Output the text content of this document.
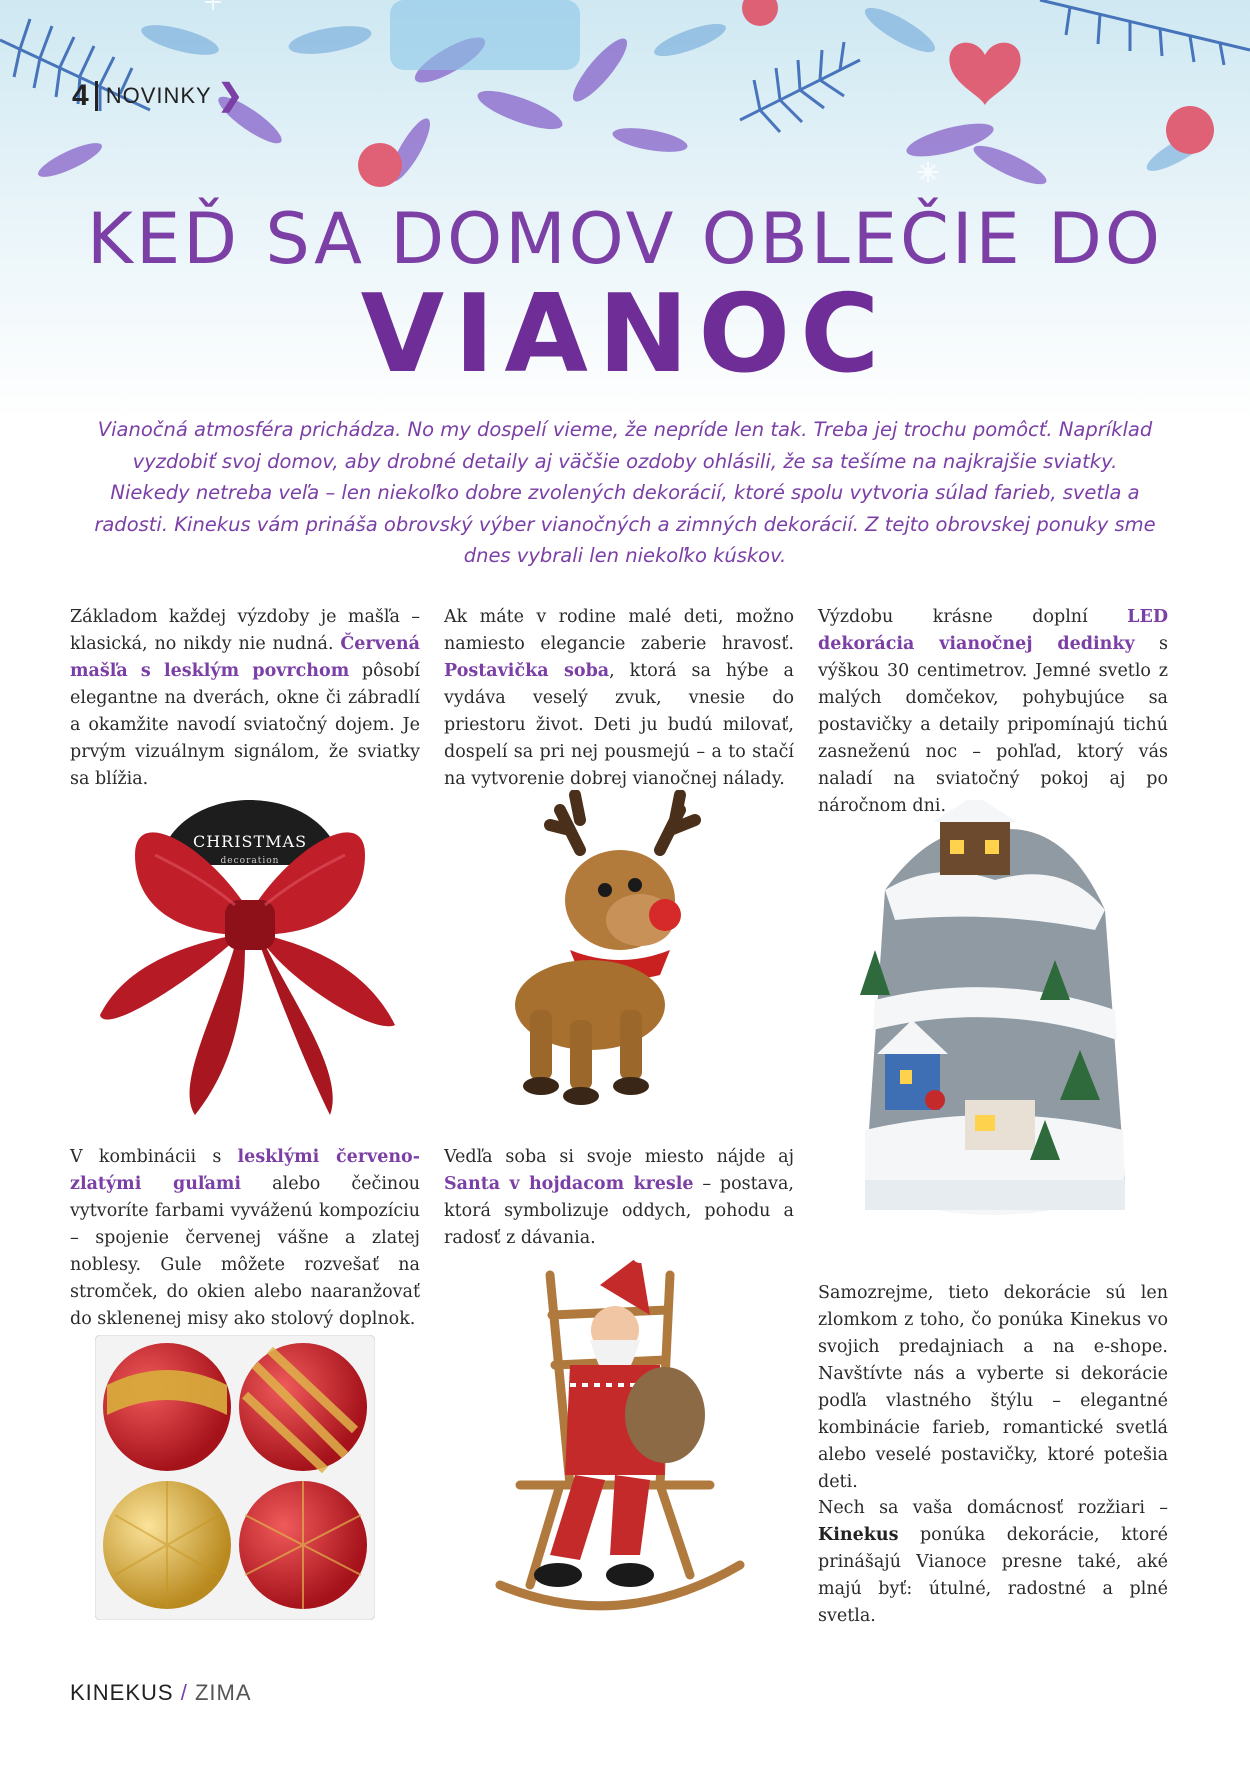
4 NOVINKY ❯
KEĎ SA DOMOV OBLEČIE DO
VIANOC
Vianočná atmosféra prichádza. No my dospelí vieme, že nepríde len tak. Treba jej trochu pomôcť. Napríklad vyzdobiť svoj domov, aby drobné detaily aj väčšie ozdoby ohlásili, že sa tešíme na najkrajšie sviatky. Niekedy netreba veľa – len niekoľko dobre zvolených dekorácií, ktoré spolu vytvoria súlad farieb, svetla a radosti. Kinekus vám prináša obrovský výber vianočných a zimných dekorácií. Z tejto obrovskej ponuky sme dnes vybrali len niekoľko kúskov.
Základom každej výzdoby je mašľa – klasická, no nikdy nie nudná. Červená mašľa s lesklým povrchom pôsobí elegantne na dverách, okne či zábradlí a okamžite navodí sviatočný dojem. Je prvým vizuálnym signálom, že sviatky sa blížia.
CHRISTMAS
decoration
V kombinácii s lesklými červeno-zlatými guľami alebo čečinou vytvoríte farbami vyváženú kompozíciu – spojenie červenej vášne a zlatej noblesy. Gule môžete rozvešať na stromček, do okien alebo naaranžovať do sklenenej misy ako stolový doplnok.
Ak máte v rodine malé deti, možno namiesto elegancie zaberie hravosť. Postavička soba, ktorá sa hýbe a vydáva veselý zvuk, vnesie do priestoru život. Deti ju budú milovať, dospelí sa pri nej pousmejú – a to stačí na vytvorenie dobrej vianočnej nálady.
Vedľa soba si svoje miesto nájde aj Santa v hojdacom kresle – postava, ktorá symbolizuje oddych, pohodu a radosť z dávania.
Výzdobu krásne doplní LED dekorácia vianočnej dedinky s výškou 30 centimetrov. Jemné svetlo z malých domčekov, pohybujúce sa postavičky a detaily pripomínajú tichú zasneženú noc – pohľad, ktorý vás naladí na sviatočný pokoj aj po náročnom dni.
Samozrejme, tieto dekorácie sú len zlomkom z toho, čo ponúka Kinekus vo svojich predajniach a na e-shope. Navštívte nás a vyberte si dekorácie podľa vlastného štýlu – elegantné kombinácie farieb, romantické svetlá alebo veselé postavičky, ktoré potešia deti.
Nech sa vaša domácnosť rozžiari – Kinekus ponúka dekorácie, ktoré prinášajú Vianoce presne také, aké majú byť: útulné, radostné a plné svetla.
KINEKUS / ZIMA
